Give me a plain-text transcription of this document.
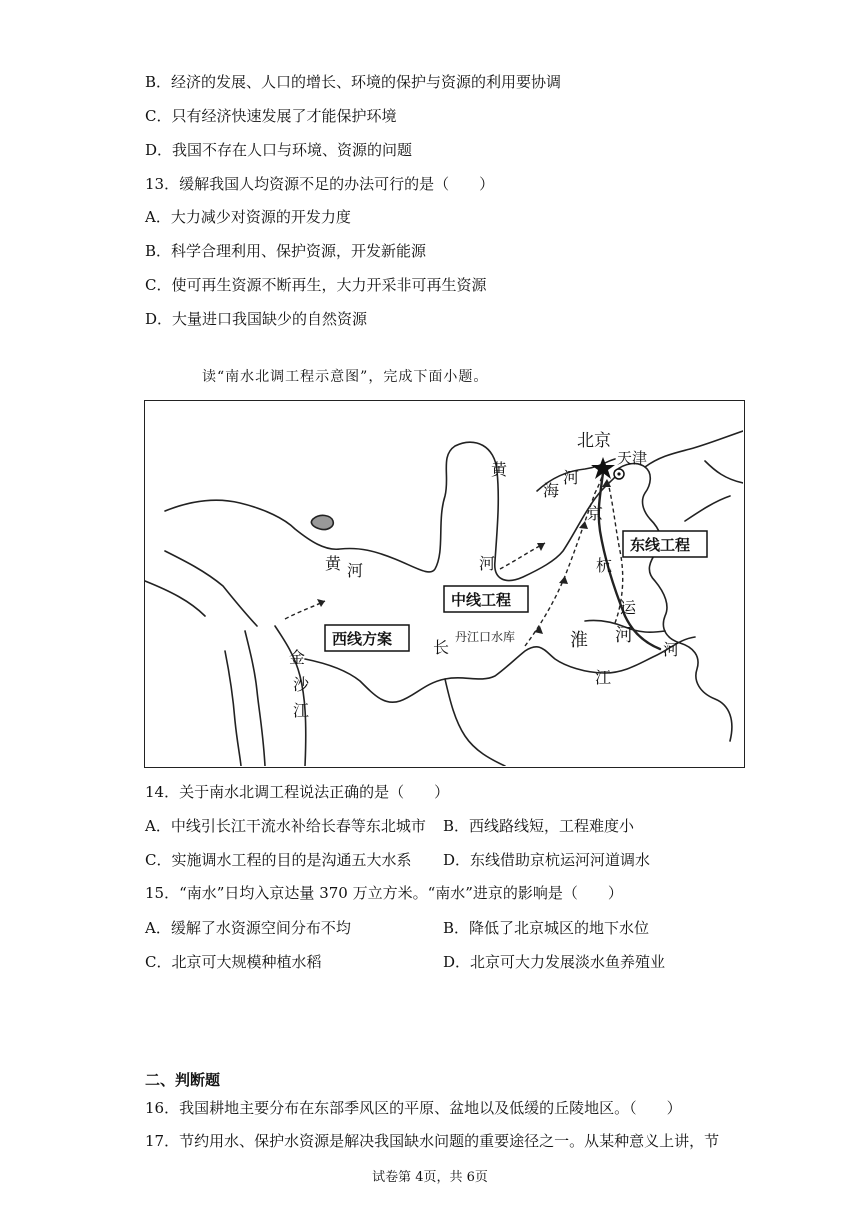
B．经济的发展、人口的增长、环境的保护与资源的利用要协调
C．只有经济快速发展了才能保护环境
D．我国不存在人口与环境、资源的问题
13．缓解我国人均资源不足的办法可行的是（　　）
A．大力减少对资源的开发力度
B．科学合理利用、保护资源，开发新能源
C．使可再生资源不断再生，大力开采非可再生资源
D．大量进口我国缺少的自然资源
读“南水北调工程示意图”，完成下面小题。
北京
天津
黄
河
黄 河
海
河
京
杭
运
河
淮 河
长
江
金
沙
江
东线工程
中线工程
西线方案	丹江口水库
14．关于南水北调工程说法正确的是（　　）
A．中线引长江干流水补给长春等东北城市 B．西线路线短，工程难度小
C．实施调水工程的目的是沟通五大水系 D．东线借助京杭运河河道调水
15．“南水”日均入京达量 370 万立方米。“南水”进京的影响是（　　）
A．缓解了水资源空间分布不均	B．降低了北京城区的地下水位
C．北京可大规模种植水稻	D．北京可大力发展淡水鱼养殖业
二、判断题
16．我国耕地主要分布在东部季风区的平原、盆地以及低缓的丘陵地区。（　　）
17．节约用水、保护水资源是解决我国缺水问题的重要途径之一。从某种意义上讲，节
试卷第 4页，共 6页
